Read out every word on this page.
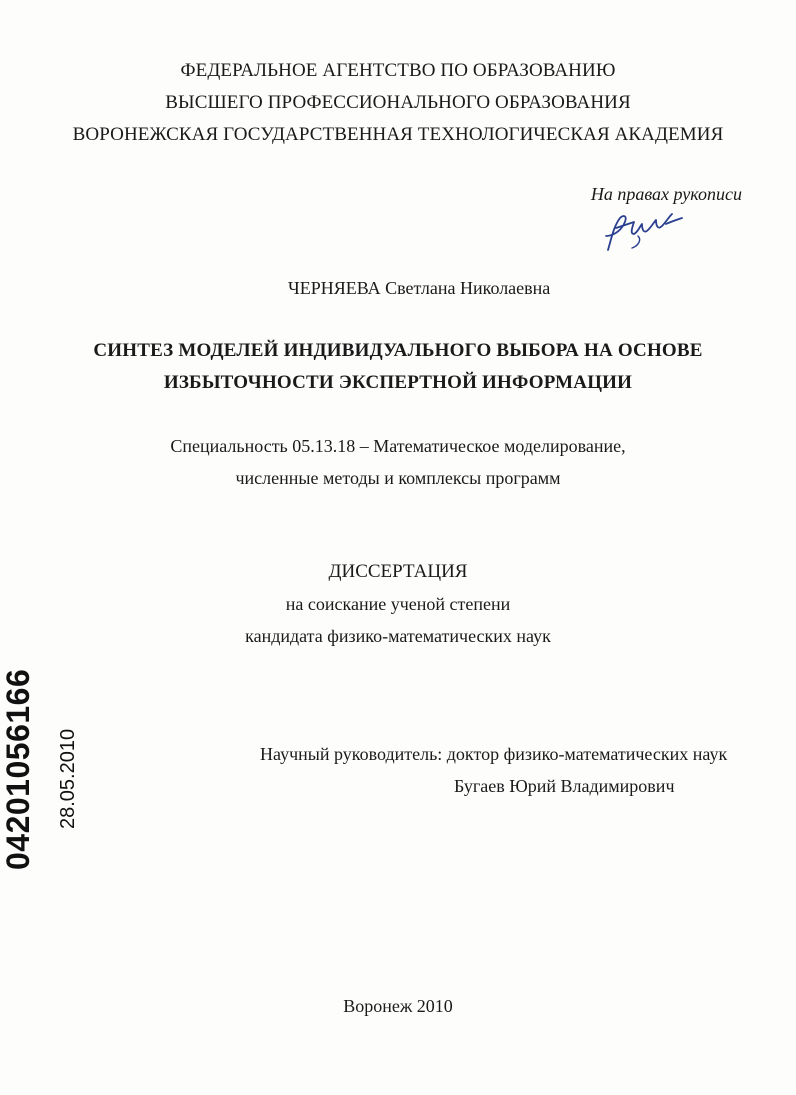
ФЕДЕРАЛЬНОЕ АГЕНТСТВО ПО ОБРАЗОВАНИЮ
ВЫСШЕГО ПРОФЕССИОНАЛЬНОГО ОБРАЗОВАНИЯ
ВОРОНЕЖСКАЯ ГОСУДАРСТВЕННАЯ ТЕХНОЛОГИЧЕСКАЯ АКАДЕМИЯ
На правах рукописи
ЧЕРНЯЕВА Светлана Николаевна
СИНТЕЗ МОДЕЛЕЙ ИНДИВИДУАЛЬНОГО ВЫБОРА НА ОСНОВЕ
ИЗБЫТОЧНОСТИ ЭКСПЕРТНОЙ ИНФОРМАЦИИ
Специальность 05.13.18 – Математическое моделирование,
численные методы и комплексы программ
ДИССЕРТАЦИЯ
на соискание ученой степени
кандидата физико-математических наук
Научный руководитель: доктор физико-математических наук
Бугаев Юрий Владимирович
Воронеж 2010
04201056166 28.05.2010
